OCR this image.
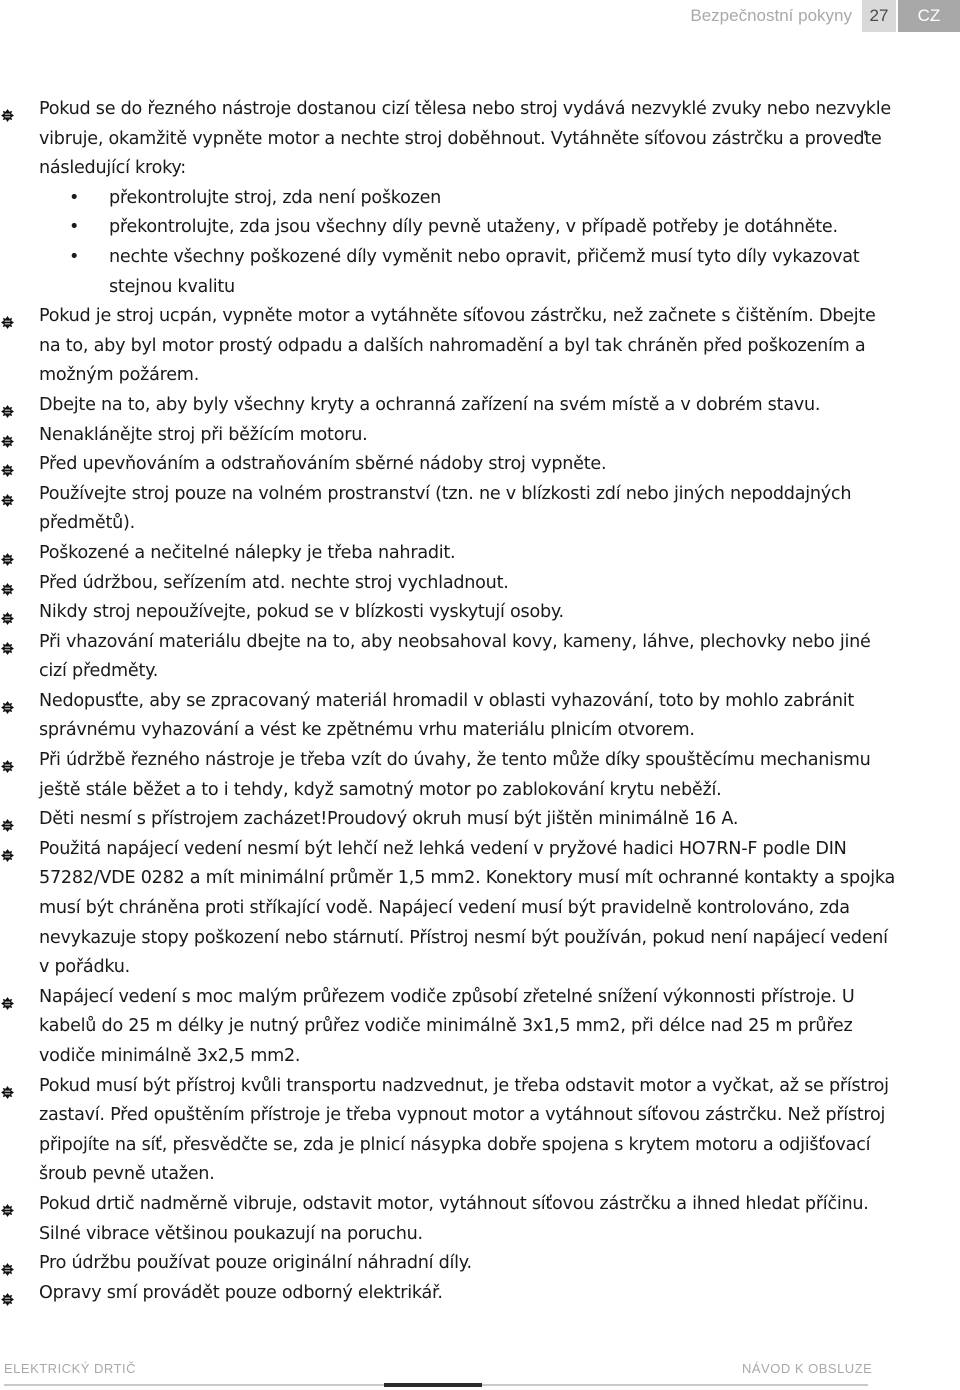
Bezpečnostní pokyny	27	CZ
Pokud se do řezného nástroje dostanou cizí tělesa nebo stroj vydává nezvyklé zvuky nebo nezvykle vibruje, okamžitě vypněte motor a nechte stroj doběhnout. Vytáhněte síťovou zástrčku a proveďte následující kroky:
• překontrolujte stroj, zda není poškozen
• překontrolujte, zda jsou všechny díly pevně utaženy, v případě potřeby je dotáhněte.
• nechte všechny poškozené díly vyměnit nebo opravit, přičemž musí tyto díly vykazovat stejnou kvalitu
Pokud je stroj ucpán, vypněte motor a vytáhněte síťovou zástrčku, než začnete s čištěním. Dbejte na to, aby byl motor prostý odpadu a dalších nahromadění a byl tak chráněn před poškozením a možným požárem.
Dbejte na to, aby byly všechny kryty a ochranná zařízení na svém místě a v dobrém stavu.
Nenaklánějte stroj při běžícím motoru.
Před upevňováním a odstraňováním sběrné nádoby stroj vypněte.
Používejte stroj pouze na volném prostranství (tzn. ne v blízkosti zdí nebo jiných nepoddajných předmětů).
Poškozené a nečitelné nálepky je třeba nahradit.
Před údržbou, seřízením atd. nechte stroj vychladnout.
Nikdy stroj nepoužívejte, pokud se v blízkosti vyskytují osoby.
Při vhazování materiálu dbejte na to, aby neobsahoval kovy, kameny, láhve, plechovky nebo jiné cizí předměty.
Nedopusťte, aby se zpracovaný materiál hromadil v oblasti vyhazování, toto by mohlo zabránit správnému vyhazování a vést ke zpětnému vrhu materiálu plnicím otvorem.
Při údržbě řezného nástroje je třeba vzít do úvahy, že tento může díky spouštěcímu mechanismu ještě stále běžet a to i tehdy, když samotný motor po zablokování krytu neběží.
Děti nesmí s přístrojem zacházet!Proudový okruh musí být jištěn minimálně 16 A.
Použitá napájecí vedení nesmí být lehčí než lehká vedení v pryžové hadici HO7RN-F podle DIN 57282/VDE 0282 a mít minimální průměr 1,5 mm2. Konektory musí mít ochranné kontakty a spojka musí být chráněna proti stříkající vodě. Napájecí vedení musí být pravidelně kontrolováno, zda nevykazuje stopy poškození nebo stárnutí. Přístroj nesmí být používán, pokud není napájecí vedení v pořádku.
Napájecí vedení s moc malým průřezem vodiče způsobí zřetelné snížení výkonnosti přístroje. U kabelů do 25 m délky je nutný průřez vodiče minimálně 3x1,5 mm2, při délce nad 25 m průřez vodiče minimálně 3x2,5 mm2.
Pokud musí být přístroj kvůli transportu nadzvednut, je třeba odstavit motor a vyčkat, až se přístroj zastaví. Před opuštěním přístroje je třeba vypnout motor a vytáhnout síťovou zástrčku. Než přístroj připojíte na síť, přesvědčte se, zda je plnicí násypka dobře spojena s krytem motoru a odjišťovací šroub pevně utažen.
Pokud drtič nadměrně vibruje, odstavit motor, vytáhnout síťovou zástrčku a ihned hledat příčinu. Silné vibrace většinou poukazují na poruchu.
Pro údržbu používat pouze originální náhradní díly.
Opravy smí provádět pouze odborný elektrikář.
ELEKTRICKÝ DRTIČ	NÁVOD K OBSLUZE
